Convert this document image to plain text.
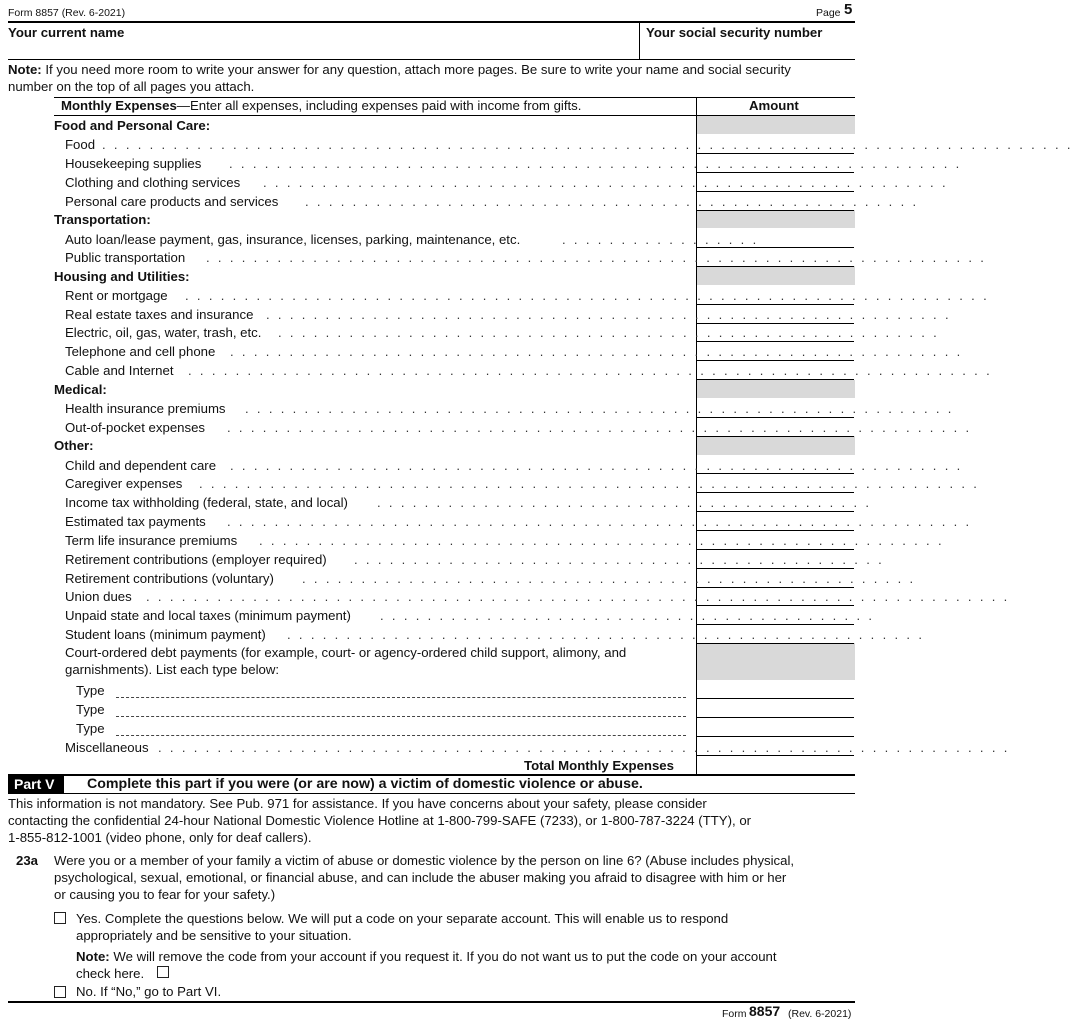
Form 8857 (Rev. 6-2021)	Page 5
Your current name	Your social security number
Note: If you need more room to write your answer for any question, attach more pages. Be sure to write your name and social security
number on the top of all pages you attach.
Monthly Expenses—Enter all expenses, including expenses paid with income from gifts.	Amount
Food and Personal Care:
Food ..................................................................................
Housekeeping supplies ..............................................................
Clothing and clothing services ..........................................................
Personal care products and services ....................................................
Transportation:
Auto loan/lease payment, gas, insurance, licenses, parking, maintenance, etc.	.................
Public transportation ..................................................................
Housing and Utilities:
Rent or mortgage ....................................................................
Real estate taxes and insurance ..........................................................
Electric, oil, gas, water, trash, etc. ........................................................
Telephone and cell phone ..............................................................
Cable and Internet ....................................................................
Medical:
Health insurance premiums ............................................................
Out-of-pocket expenses ...............................................................
Other:
Child and dependent care ..............................................................
Caregiver expenses ..................................................................
Income tax withholding (federal, state, and local) ..........................................
Estimated tax payments ...............................................................
Term life insurance premiums ..........................................................
Retirement contributions (employer required) .............................................
Retirement contributions (voluntary) ....................................................
Union dues .........................................................................
Unpaid state and local taxes (minimum payment) ..........................................
Student loans (minimum payment) ......................................................
Court-ordered debt payments (for example, court- or agency-ordered child support, alimony, and
garnishments). List each type below:
Type
Type
Type
Miscellaneous ........................................................................
Total Monthly Expenses
Part V Complete this part if you were (or are now) a victim of domestic violence or abuse.
This information is not mandatory. See Pub. 971 for assistance. If you have concerns about your safety, please consider
contacting the confidential 24-hour National Domestic Violence Hotline at 1-800-799-SAFE (7233), or 1-800-787-3224 (TTY), or
1-855-812-1001 (video phone, only for deaf callers).
23a Were you or a member of your family a victim of abuse or domestic violence by the person on line 6? (Abuse includes physical,
psychological, sexual, emotional, or financial abuse, and can include the abuser making you afraid to disagree with him or her
or causing you to fear for your safety.)
Yes. Complete the questions below. We will put a code on your separate account. This will enable us to respond
appropriately and be sensitive to your situation.
Note: We will remove the code from your account if you request it. If you do not want us to put the code on your account
check here.
No. If “No,” go to Part VI.
Form 8857 (Rev. 6-2021)
